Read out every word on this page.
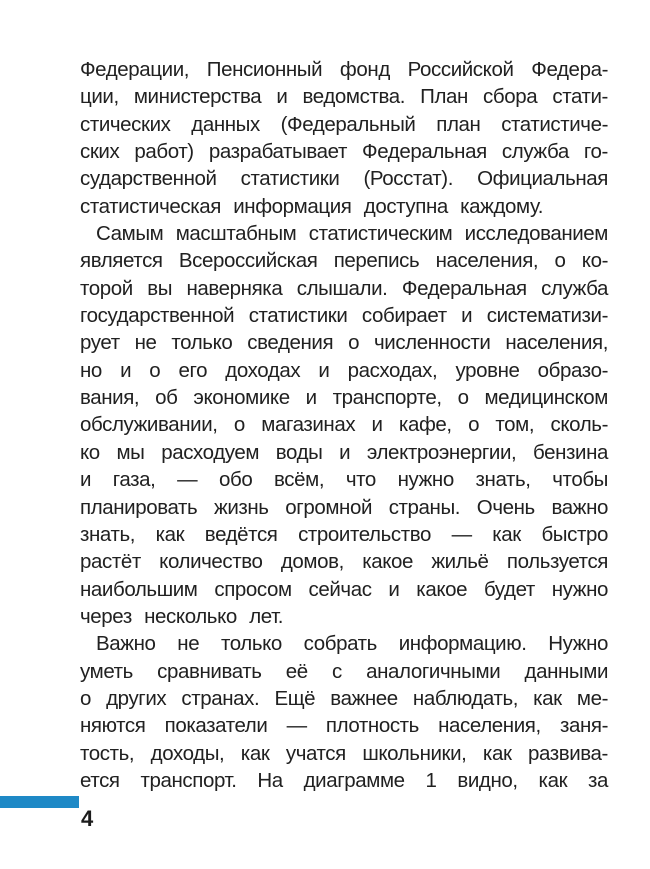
Федерации, Пенсионный фонд Российской Федера-
ции, министерства и ведомства. План сбора стати-
стических данных (Федеральный план статистиче-
ских работ) разрабатывает Федеральная служба го-
сударственной статистики (Росстат). Официальная
статистическая информация доступна каждому.
Самым масштабным статистическим исследованием
является Всероссийская перепись населения, о ко-
торой вы наверняка слышали. Федеральная служба
государственной статистики собирает и систематизи-
рует не только сведения о численности населения,
но и о его доходах и расходах, уровне образо-
вания, об экономике и транспорте, о медицинском
обслуживании, о магазинах и кафе, о том, сколь-
ко мы расходуем воды и электроэнергии, бензина
и газа, — обо всём, что нужно знать, чтобы
планировать жизнь огромной страны. Очень важно
знать, как ведётся строительство — как быстро
растёт количество домов, какое жильё пользуется
наибольшим спросом сейчас и какое будет нужно
через несколько лет.
Важно не только собрать информацию. Нужно
уметь сравнивать её с аналогичными данными
о других странах. Ещё важнее наблюдать, как ме-
няются показатели — плотность населения, заня-
тость, доходы, как учатся школьники, как развива-
ется транспорт. На диаграмме 1 видно, как за
4
